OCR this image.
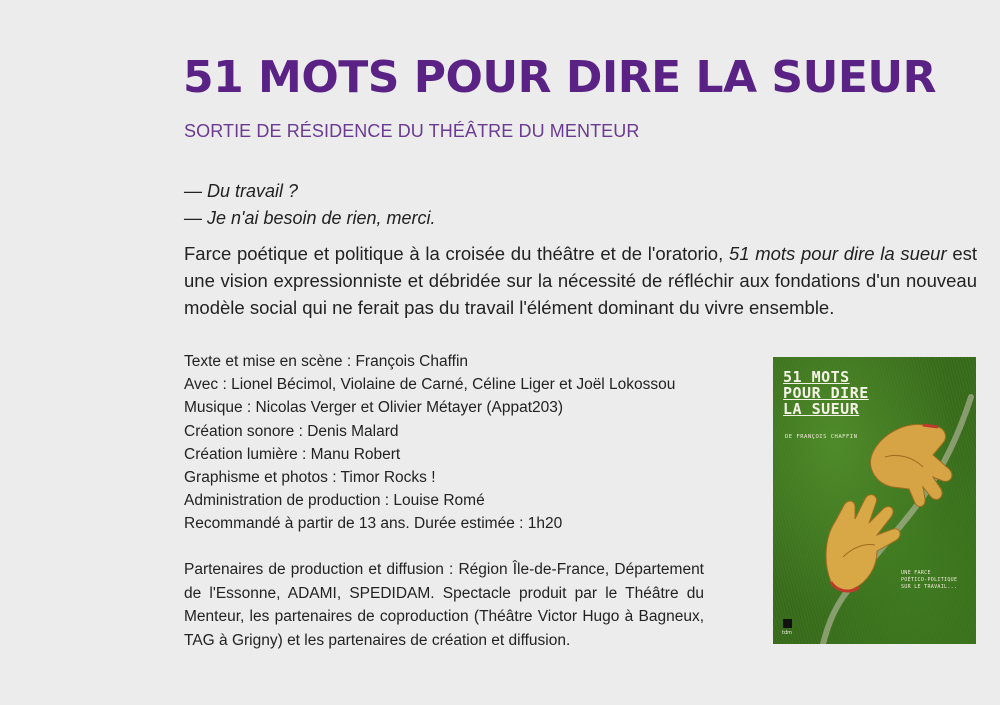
51 MOTS POUR DIRE LA SUEUR
SORTIE DE RÉSIDENCE DU THÉÂTRE DU MENTEUR
— Du travail ?
— Je n'ai besoin de rien, merci.

Farce poétique et politique à la croisée du théâtre et de l'oratorio, 51 mots pour dire la sueur est une vision expressionniste et débridée sur la nécessité de réfléchir aux fondations d'un nouveau modèle social qui ne ferait pas du travail l'élément dominant du vivre ensemble.

Texte et mise en scène : François Chaffin
Avec : Lionel Bécimol, Violaine de Carné, Céline Liger et Joël Lokossou
Musique : Nicolas Verger et Olivier Métayer (Appat203)
Création sonore : Denis Malard
Création lumière : Manu Robert
Graphisme et photos : Timor Rocks !
Administration de production : Louise Romé
Recommandé à partir de 13 ans. Durée estimée : 1h20

Partenaires de production et diffusion : Région Île-de-France, Département de l'Essonne, ADAMI, SPEDIDAM. Spectacle produit par le Théâtre du Menteur, les partenaires de coproduction (Théâtre Victor Hugo à Bagneux, TAG à Grigny) et les partenaires de création et diffusion.

51 MOTS
POUR DIRE
LA SUEUR
DE FRANÇOIS CHAFFIN
UNE FARCE
POÉTICO-POLITIQUE
SUR LE TRAVAIL...
tdm
